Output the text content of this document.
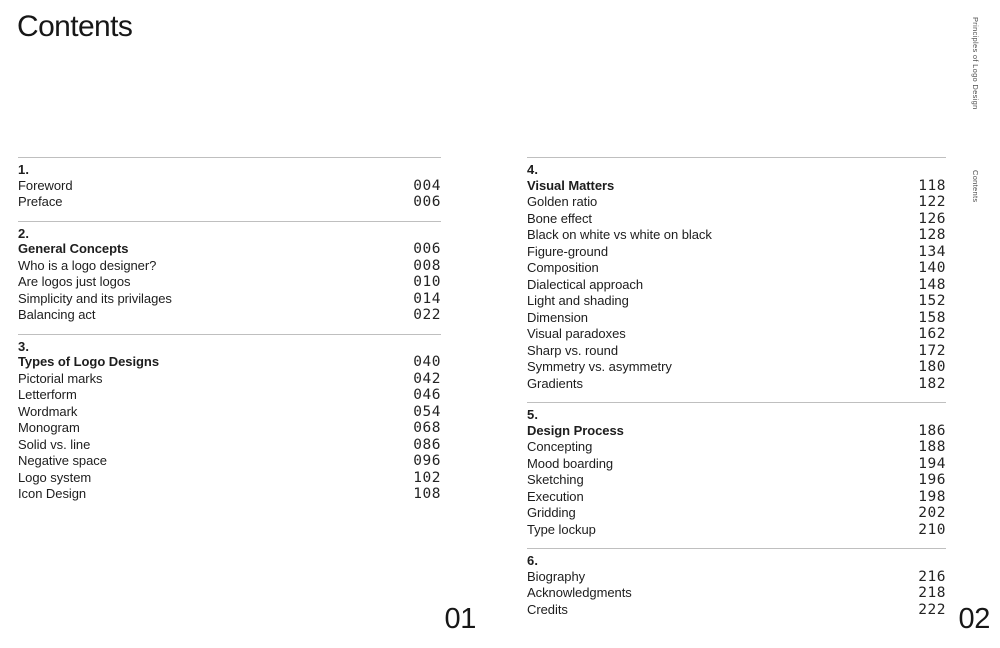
Contents
1.
Foreword	004
Preface	006
2.
General Concepts	006
Who is a logo designer?	008
Are logos just logos	010
Simplicity and its privilages	014
Balancing act	022
3.
Types of Logo Designs	040
Pictorial marks	042
Letterform	046
Wordmark	054
Monogram	068
Solid vs. line	086
Negative space	096
Logo system	102
Icon Design	108
4.
Visual Matters	118
Golden ratio	122
Bone effect	126
Black on white vs white on black	128
Figure-ground	134
Composition	140
Dialectical approach	148
Light and shading	152
Dimension	158
Visual paradoxes	162
Sharp vs. round	172
Symmetry vs. asymmetry	180
Gradients	182
5.
Design Process	186
Concepting	188
Mood boarding	194
Sketching	196
Execution	198
Gridding	202
Type lockup	210
6.
Biography	216
Acknowledgments	218
Credits	222
01	02
Principles of Logo Design
Contents
